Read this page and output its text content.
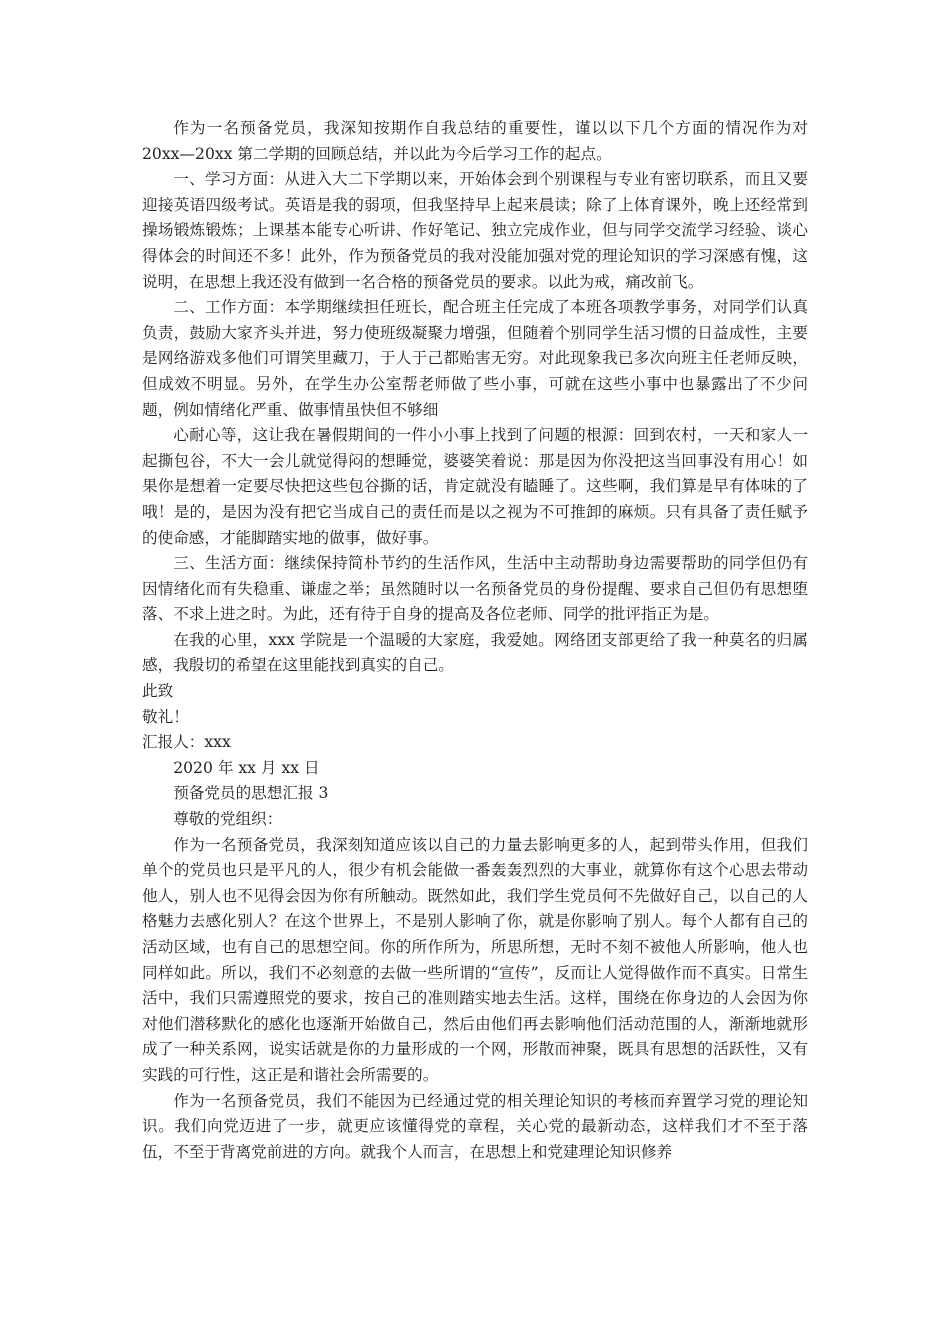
作为一名预备党员，我深知按期作自我总结的重要性，谨以以下几个方面的情况作为对 20xx—20xx 第二学期的回顾总结，并以此为今后学习工作的起点。

一、学习方面：从进入大二下学期以来，开始体会到个别课程与专业有密切联系，而且又要迎接英语四级考试。英语是我的弱项，但我坚持早上起来晨读；除了上体育课外，晚上还经常到操场锻炼锻炼；上课基本能专心听讲、作好笔记、独立完成作业，但与同学交流学习经验、谈心得体会的时间还不多！此外，作为预备党员的我对没能加强对党的理论知识的学习深感有愧，这说明，在思想上我还没有做到一名合格的预备党员的要求。以此为戒，痛改前飞。

二、工作方面：本学期继续担任班长，配合班主任完成了本班各项教学事务，对同学们认真负责，鼓励大家齐头并进，努力使班级凝聚力增强，但随着个别同学生活习惯的日益成性，主要是网络游戏多他们可谓笑里藏刀，于人于己都贻害无穷。对此现象我已多次向班主任老师反映，但成效不明显。另外，在学生办公室帮老师做了些小事，可就在这些小事中也暴露出了不少问题，例如情绪化严重、做事情虽快但不够细

心耐心等，这让我在暑假期间的一件小小事上找到了问题的根源：回到农村，一天和家人一起撕包谷，不大一会儿就觉得闷的想睡觉，婆婆笑着说：那是因为你没把这当回事没有用心！如果你是想着一定要尽快把这些包谷撕的话，肯定就没有瞌睡了。这些啊，我们算是早有体味的了哦！是的，是因为没有把它当成自己的责任而是以之视为不可推卸的麻烦。只有具备了责任赋予的使命感，才能脚踏实地的做事，做好事。

三、生活方面：继续保持简朴节约的生活作风，生活中主动帮助身边需要帮助的同学但仍有因情绪化而有失稳重、谦虚之举；虽然随时以一名预备党员的身份提醒、要求自己但仍有思想堕落、不求上进之时。为此，还有待于自身的提高及各位老师、同学的批评指正为是。

在我的心里，xxx 学院是一个温暖的大家庭，我爱她。网络团支部更给了我一种莫名的归属感，我殷切的希望在这里能找到真实的自己。

此致

敬礼！

汇报人：xxx

2020 年 xx 月 xx 日

预备党员的思想汇报 3

尊敬的党组织：

作为一名预备党员，我深刻知道应该以自己的力量去影响更多的人，起到带头作用，但我们单个的党员也只是平凡的人，很少有机会能做一番轰轰烈烈的大事业，就算你有这个心思去带动他人，别人也不见得会因为你有所触动。既然如此，我们学生党员何不先做好自己，以自己的人格魅力去感化别人？在这个世界上，不是别人影响了你，就是你影响了别人。每个人都有自己的活动区域，也有自己的思想空间。你的所作所为，所思所想，无时不刻不被他人所影响，他人也同样如此。所以，我们不必刻意的去做一些所谓的“宣传”，反而让人觉得做作而不真实。日常生活中，我们只需遵照党的要求，按自己的准则踏实地去生活。这样，围绕在你身边的人会因为你对他们潜移默化的感化也逐渐开始做自己，然后由他们再去影响他们活动范围的人，渐渐地就形成了一种关系网，说实话就是你的力量形成的一个网，形散而神聚，既具有思想的活跃性，又有实践的可行性，这正是和谐社会所需要的。

作为一名预备党员，我们不能因为已经通过党的相关理论知识的考核而弃置学习党的理论知识。我们向党迈进了一步，就更应该懂得党的章程，关心党的最新动态，这样我们才不至于落伍，不至于背离党前进的方向。就我个人而言，在思想上和党建理论知识修养
